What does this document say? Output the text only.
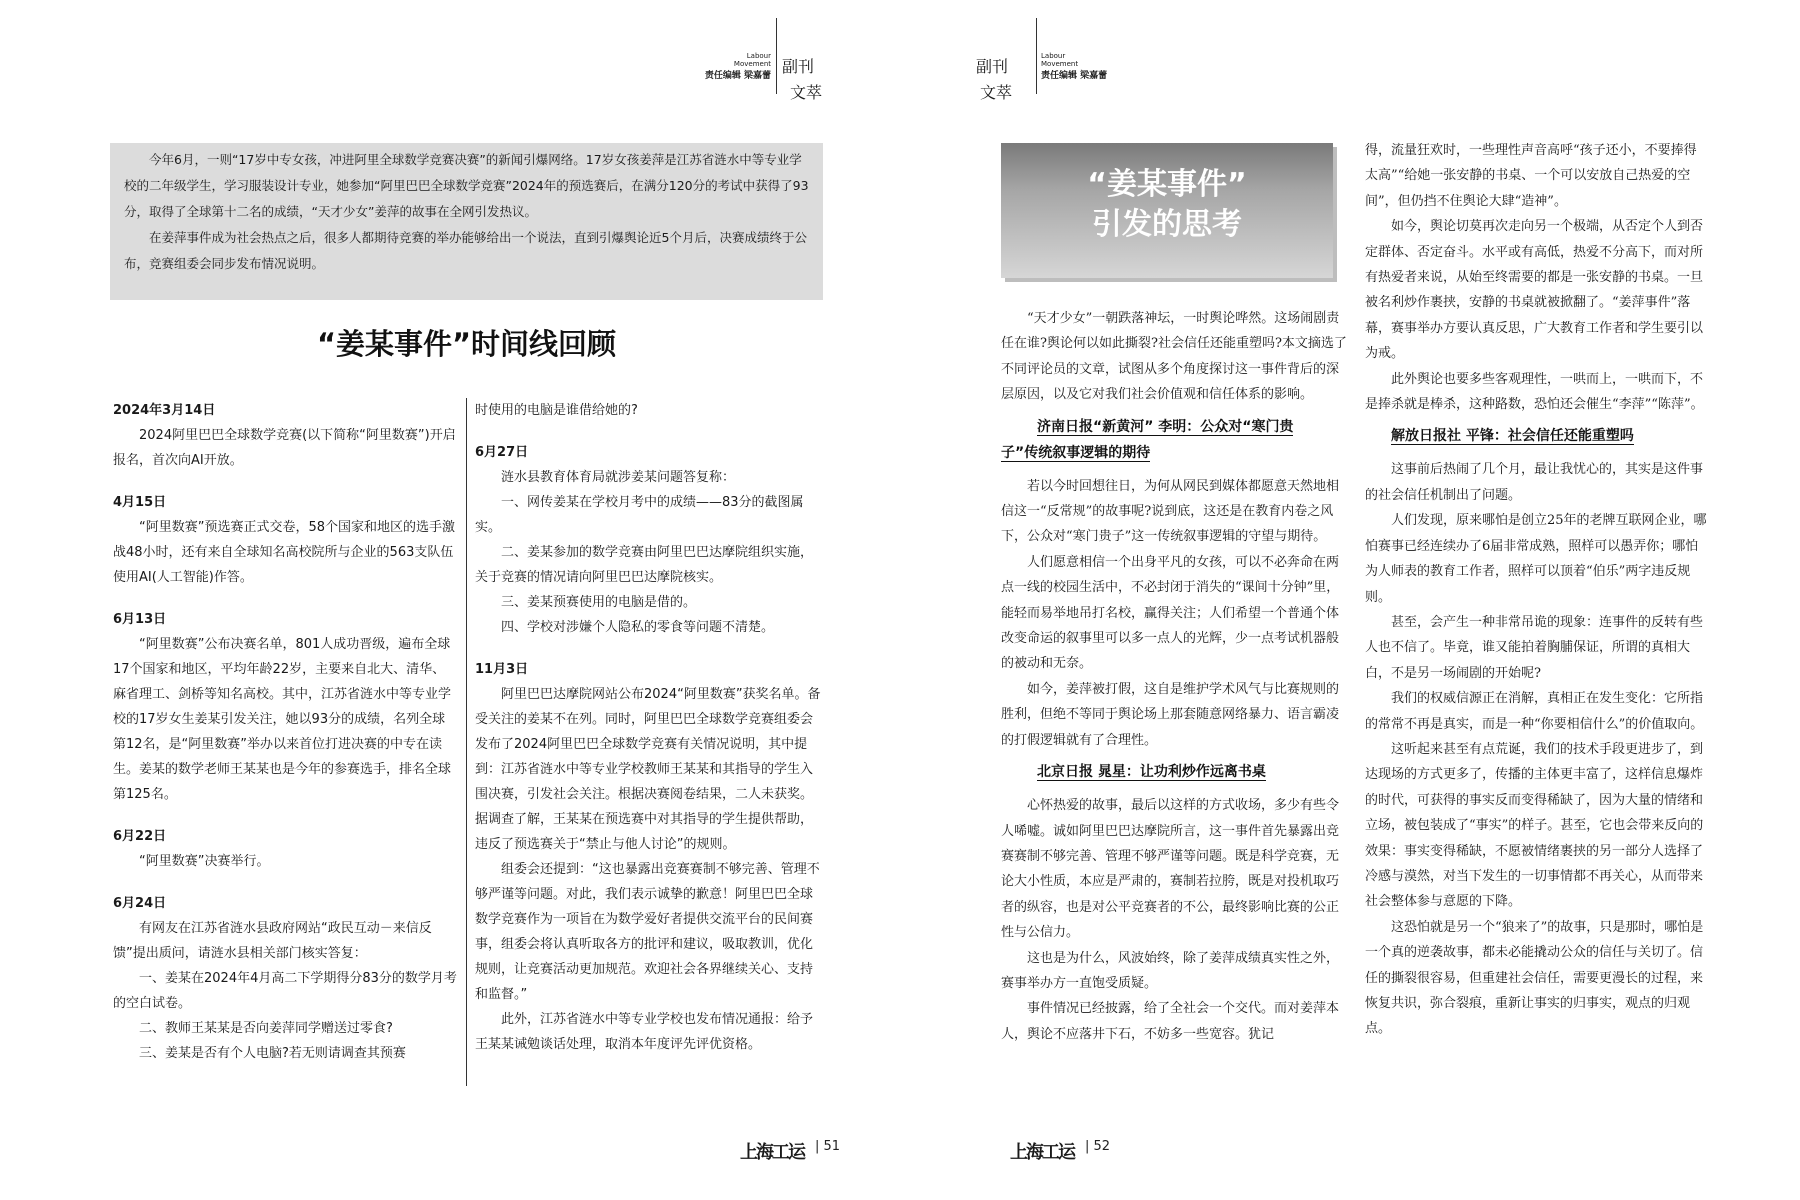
Labour
Movement
责任编辑 梁嘉蕾 副刊
文萃

今年6月，一则“17岁中专女孩，冲进阿里全球数学竞赛决赛”的新闻引爆网络。17岁女孩姜萍是江苏省涟水中等专业学校的二年级学生，学习服装设计专业，她参加“阿里巴巴全球数学竞赛”2024年的预选赛后，在满分120分的考试中获得了93分，取得了全球第十二名的成绩，“天才少女”姜萍的故事在全网引发热议。

在姜萍事件成为社会热点之后，很多人都期待竞赛的举办能够给出一个说法，直到引爆舆论近5个月后，决赛成绩终于公布，竞赛组委会同步发布情况说明。

“姜某事件”时间线回顾
2024年3月14日

2024阿里巴巴全球数学竞赛(以下简称“阿里数赛”)开启报名，首次向AI开放。

4月15日

“阿里数赛”预选赛正式交卷，58个国家和地区的选手激战48小时，还有来自全球知名高校院所与企业的563支队伍使用AI(人工智能)作答。

6月13日

“阿里数赛”公布决赛名单，801人成功晋级，遍布全球17个国家和地区，平均年龄22岁，主要来自北大、清华、麻省理工、剑桥等知名高校。其中，江苏省涟水中等专业学校的17岁女生姜某引发关注，她以93分的成绩，名列全球第12名，是“阿里数赛”举办以来首位打进决赛的中专在读生。姜某的数学老师王某某也是今年的参赛选手，排名全球第125名。

6月22日

“阿里数赛”决赛举行。

6月24日

有网友在江苏省涟水县政府网站“政民互动－来信反馈”提出质问，请涟水县相关部门核实答复：

一、姜某在2024年4月高二下学期得分83分的数学月考的空白试卷。

二、教师王某某是否向姜萍同学赠送过零食?

三、姜某是否有个人电脑?若无则请调查其预赛

时使用的电脑是谁借给她的?

6月27日

涟水县教育体育局就涉姜某问题答复称：

一、网传姜某在学校月考中的成绩——83分的截图属实。

二、姜某参加的数学竞赛由阿里巴巴达摩院组织实施，关于竞赛的情况请向阿里巴巴达摩院核实。

三、姜某预赛使用的电脑是借的。

四、学校对涉嫌个人隐私的零食等问题不清楚。

11月3日

阿里巴巴达摩院网站公布2024“阿里数赛”获奖名单。备受关注的姜某不在列。同时，阿里巴巴全球数学竞赛组委会发布了2024阿里巴巴全球数学竞赛有关情况说明，其中提到：江苏省涟水中等专业学校教师王某某和其指导的学生入围决赛，引发社会关注。根据决赛阅卷结果，二人未获奖。据调查了解，王某某在预选赛中对其指导的学生提供帮助，违反了预选赛关于“禁止与他人讨论”的规则。

组委会还提到：“这也暴露出竞赛赛制不够完善、管理不够严谨等问题。对此，我们表示诚挚的歉意！阿里巴巴全球数学竞赛作为一项旨在为数学爱好者提供交流平台的民间赛事，组委会将认真听取各方的批评和建议，吸取教训，优化规则，让竞赛活动更加规范。欢迎社会各界继续关心、支持和监督。”

此外，江苏省涟水中等专业学校也发布情况通报：给予王某某诫勉谈话处理，取消本年度评先评优资格。

上海工运 | 51
副刊
文萃
Labour
Movement
责任编辑 梁嘉蕾
“姜某事件”
引发的思考

“天才少女”一朝跌落神坛，一时舆论哗然。这场闹剧责任在谁?舆论何以如此撕裂?社会信任还能重塑吗?本文摘选了不同评论员的文章，试图从多个角度探讨这一事件背后的深层原因，以及它对我们社会价值观和信任体系的影响。

济南日报“新黄河” 李明：公众对“寒门贵
子”传统叙事逻辑的期待

若以今时回想往日，为何从网民到媒体都愿意天然地相信这一“反常规”的故事呢?说到底，这还是在教育内卷之风下，公众对“寒门贵子”这一传统叙事逻辑的守望与期待。

人们愿意相信一个出身平凡的女孩，可以不必奔命在两点一线的校园生活中，不必封闭于消失的“课间十分钟”里，能轻而易举地吊打名校，赢得关注；人们希望一个普通个体改变命运的叙事里可以多一点人的光辉，少一点考试机器般的被动和无奈。

如今，姜萍被打假，这自是维护学术风气与比赛规则的胜利，但绝不等同于舆论场上那套随意网络暴力、语言霸凌的打假逻辑就有了合理性。

北京日报 晁星：让功利炒作远离书桌

心怀热爱的故事，最后以这样的方式收场，多少有些令人唏嘘。诚如阿里巴巴达摩院所言，这一事件首先暴露出竞赛赛制不够完善、管理不够严谨等问题。既是科学竞赛，无论大小性质，本应是严肃的，赛制若拉胯，既是对投机取巧者的纵容，也是对公平竞赛者的不公，最终影响比赛的公正性与公信力。

这也是为什么，风波始终，除了姜萍成绩真实性之外，赛事举办方一直饱受质疑。

事件情况已经披露，给了全社会一个交代。而对姜萍本人，舆论不应落井下石，不妨多一些宽容。犹记

得，流量狂欢时，一些理性声音高呼“孩子还小，不要捧得太高”“给她一张安静的书桌、一个可以安放自己热爱的空间”，但仍挡不住舆论大肆“造神”。

如今，舆论切莫再次走向另一个极端，从否定个人到否定群体、否定奋斗。水平或有高低，热爱不分高下，而对所有热爱者来说，从始至终需要的都是一张安静的书桌。一旦被名利炒作裹挟，安静的书桌就被掀翻了。“姜萍事件”落幕，赛事举办方要认真反思，广大教育工作者和学生要引以为戒。

此外舆论也要多些客观理性，一哄而上，一哄而下，不是捧杀就是棒杀，这种路数，恐怕还会催生“李萍”“陈萍”。

解放日报社 平锋：社会信任还能重塑吗

这事前后热闹了几个月，最让我忧心的，其实是这件事的社会信任机制出了问题。

人们发现，原来哪怕是创立25年的老牌互联网企业，哪怕赛事已经连续办了6届非常成熟，照样可以愚弄你；哪怕为人师表的教育工作者，照样可以顶着“伯乐”两字违反规则。

甚至，会产生一种非常吊诡的现象：连事件的反转有些人也不信了。毕竟，谁又能拍着胸脯保证，所谓的真相大白，不是另一场闹剧的开始呢?

我们的权威信源正在消解，真相正在发生变化：它所指的常常不再是真实，而是一种“你要相信什么”的价值取向。

这听起来甚至有点荒诞，我们的技术手段更进步了，到达现场的方式更多了，传播的主体更丰富了，这样信息爆炸的时代，可获得的事实反而变得稀缺了，因为大量的情绪和立场，被包装成了“事实”的样子。甚至，它也会带来反向的效果：事实变得稀缺，不愿被情绪裹挟的另一部分人选择了冷感与漠然，对当下发生的一切事情都不再关心，从而带来社会整体参与意愿的下降。

这恐怕就是另一个“狼来了”的故事，只是那时，哪怕是一个真的逆袭故事，都未必能撬动公众的信任与关切了。信任的撕裂很容易，但重建社会信任，需要更漫长的过程，来恢复共识，弥合裂痕，重新让事实的归事实，观点的归观点。

上海工运 | 52
